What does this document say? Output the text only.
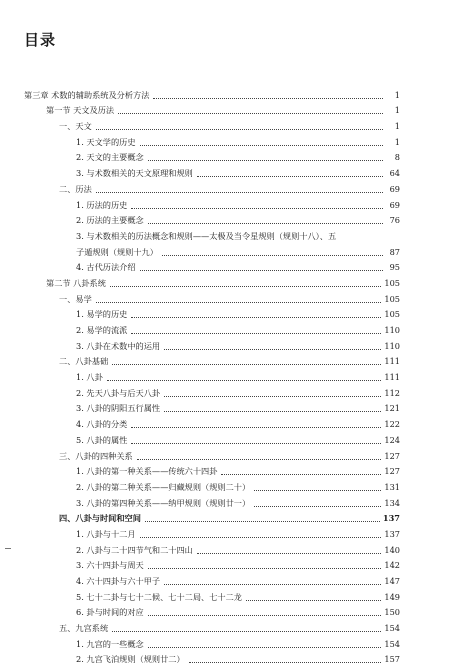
目录
第三章 术数的辅助系统及分析方法	1
第一节 天文及历法	1
一、天文	1
1. 天文学的历史	1
2. 天文的主要概念	8
3. 与术数相关的天文原理和规则	64
二、历法	69
1. 历法的历史	69
2. 历法的主要概念	76
3. 与术数相关的历法概念和规则——太极及当令星规则（规则十八）、五
子遁规则（规则十九）	87
4. 古代历法介绍	95
第二节 八卦系统	105
一、易学	105
1. 易学的历史	105
2. 易学的流派	110
3. 八卦在术数中的运用	110
二、八卦基础	111
1. 八卦	111
2. 先天八卦与后天八卦	112
3. 八卦的阴阳五行属性	121
4. 八卦的分类	122
5. 八卦的属性	124
三、八卦的四种关系	127
1. 八卦的第一种关系——传统六十四卦	127
2. 八卦的第二种关系——归藏规则（规则二十）	131
3. 八卦的第四种关系——纳甲规则（规则廿一）	134
四、八卦与时间和空间	137
1. 八卦与十二月	137
2. 八卦与二十四节气和二十四山	140
3. 六十四卦与周天	142
4. 六十四卦与六十甲子	147
5. 七十二卦与七十二候、七十二局、七十二龙	149
6. 卦与时间的对应	150
五、九宫系统	154
1. 九宫的一些概念	154
2. 九宫飞泊规则（规则廿二）	157
